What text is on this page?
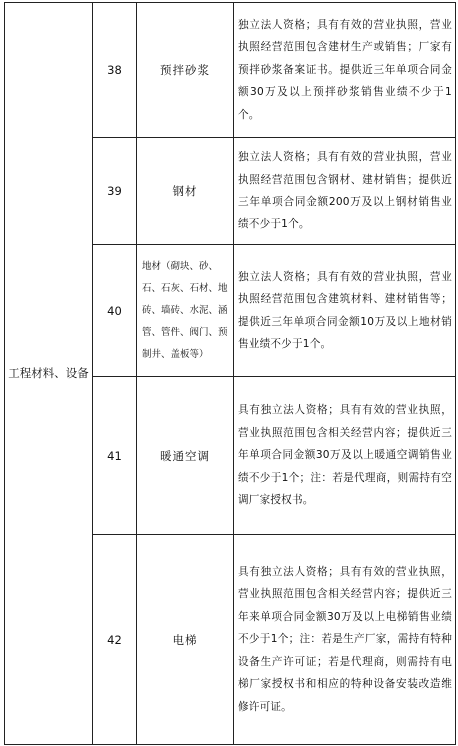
工程材料、设备	38	预拌砂浆	独立法人资格；具有有效的营业执照，营业执照经营范围包含建材生产或销售；厂家有预拌砂浆备案证书。提供近三年单项合同金额30万及以上预拌砂浆销售业绩不少于1个。
	39	钢材	独立法人资格；具有有效的营业执照，营业执照经营范围包含钢材、建材销售；提供近三年单项合同金额200万及以上钢材销售业绩不少于1个。
	40	地材（砌块、砂、石、石灰、石材、地砖、墙砖、水泥、涵管、管件、阀门、预制井、盖板等）	独立法人资格；具有有效的营业执照，营业执照经营范围包含建筑材料、建材销售等；提供近三年单项合同金额10万及以上地材销售业绩不少于1个。
	41	暖通空调	具有独立法人资格；具有有效的营业执照，营业执照范围包含相关经营内容；提供近三年单项合同金额30万及以上暖通空调销售业绩不少于1个；注：若是代理商，则需持有空调厂家授权书。
	42	电梯	具有独立法人资格；具有有效的营业执照，营业执照范围包含相关经营内容；提供近三年来单项合同金额30万及以上电梯销售业绩不少于1个；注：若是生产厂家，需持有特种设备生产许可证；若是代理商，则需持有电梯厂家授权书和相应的特种设备安装改造维修许可证。
